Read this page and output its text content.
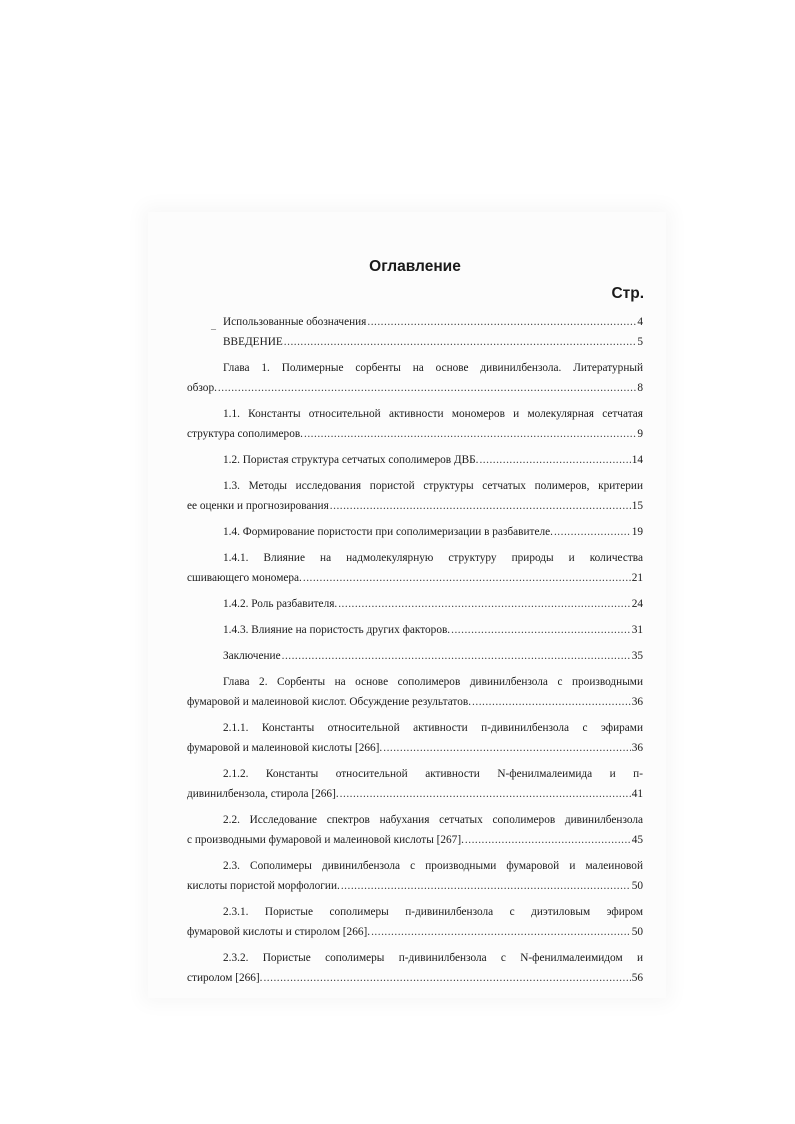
Оглавление
Стр.
_ Использованные обозначения .....	4
ВВЕДЕНИЕ .....	5
Глава 1. Полимерные сорбенты на основе дивинилбензола. Литературный
обзор. .....	8
1.1. Константы относительной активности мономеров и молекулярная сетчатая
структура сополимеров. .....	9
1.2. Пористая структура сетчатых сополимеров ДВБ. .....	14
1.3. Методы исследования пористой структуры сетчатых полимеров, критерии
ее оценки и прогнозирования .....	15
1.4. Формирование пористости при сополимеризации в разбавителе. .....	19
1.4.1. Влияние на надмолекулярную структуру природы и количества
сшивающего мономера. .....	21
1.4.2. Роль разбавителя. .....	24
1.4.3. Влияние на пористость других факторов. .....	31
Заключение .....	35
Глава 2. Сорбенты на основе сополимеров дивинилбензола с производными
фумаровой и малеиновой кислот. Обсуждение результатов. .....	36
2.1.1. Константы относительной активности п-дивинилбензола с эфирами
фумаровой и малеиновой кислоты [266]. .....	36
2.1.2. Константы относительной активности N-фенилмалеимида и п-
дивинилбензола, стирола [266]. .....	41
2.2. Исследование спектров набухания сетчатых сополимеров дивинилбензола
с производными фумаровой и малеиновой кислоты [267]. .....	45
2.3. Сополимеры дивинилбензола с производными фумаровой и малеиновой
кислоты пористой морфологии. .....	50
2.3.1. Пористые сополимеры п-дивинилбензола с диэтиловым эфиром
фумаровой кислоты и стиролом [266]. .....	50
2.3.2. Пористые сополимеры п-дивинилбензола с N-фенилмалеимидом и
стиролом [266]. .....	56
